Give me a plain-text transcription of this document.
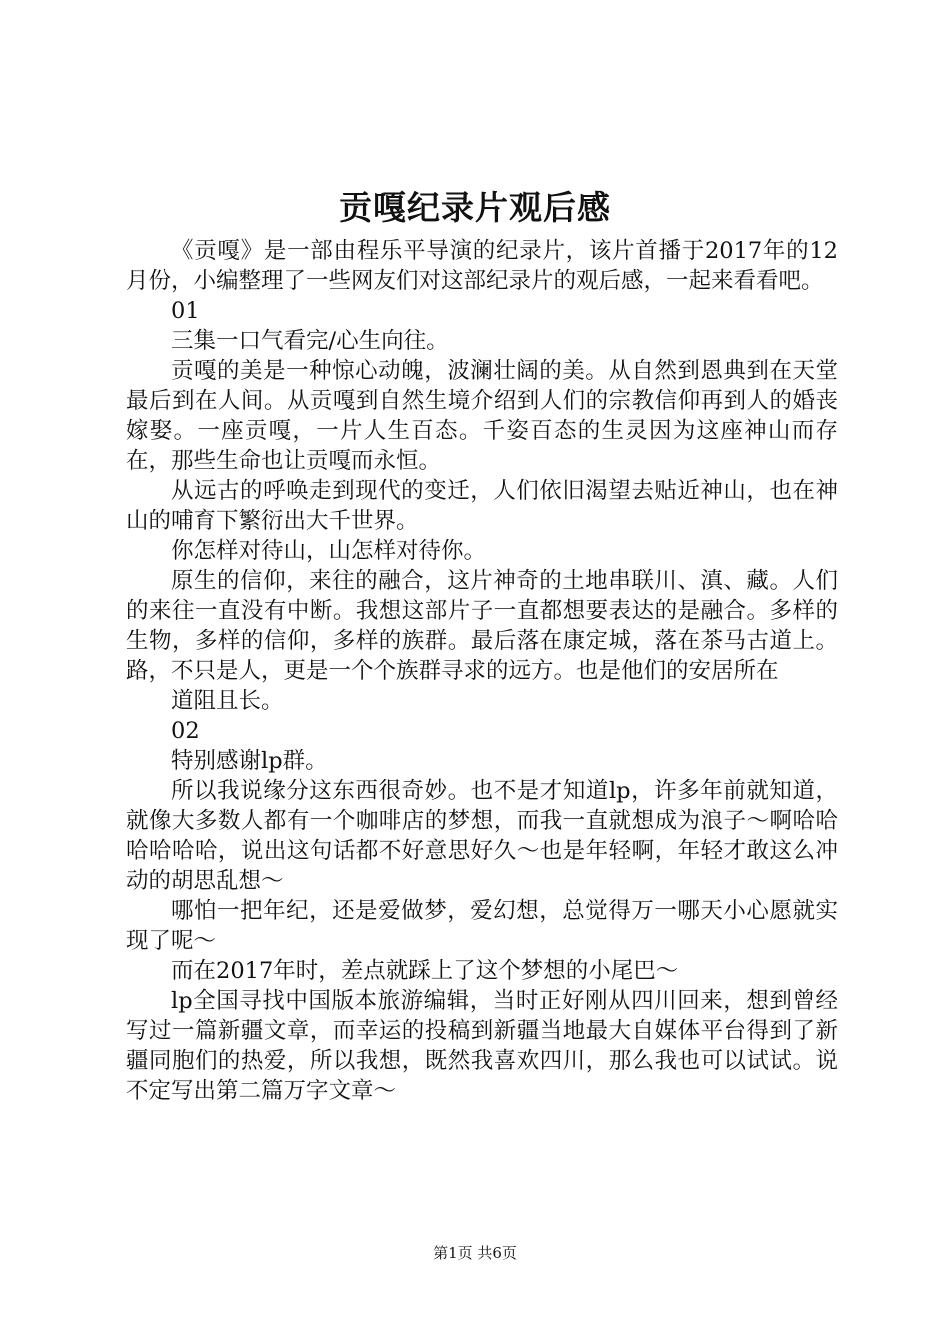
贡嘎纪录片观后感

《贡嘎》是一部由程乐平导演的纪录片，该片首播于2017年的12月份，小编整理了一些网友们对这部纪录片的观后感，一起来看看吧。

01

三集一口气看完/心生向往。

贡嘎的美是一种惊心动魄，波澜壮阔的美。从自然到恩典到在天堂最后到在人间。从贡嘎到自然生境介绍到人们的宗教信仰再到人的婚丧嫁娶。一座贡嘎，一片人生百态。千姿百态的生灵因为这座神山而存在，那些生命也让贡嘎而永恒。

从远古的呼唤走到现代的变迁，人们依旧渴望去贴近神山，也在神山的哺育下繁衍出大千世界。

你怎样对待山，山怎样对待你。

原生的信仰，来往的融合，这片神奇的土地串联川、滇、藏。人们的来往一直没有中断。我想这部片子一直都想要表达的是融合。多样的生物，多样的信仰，多样的族群。最后落在康定城，落在茶马古道上。路，不只是人，更是一个个族群寻求的远方。也是他们的安居所在

道阻且长。

02

特别感谢lp群。

所以我说缘分这东西很奇妙。也不是才知道lp，许多年前就知道，就像大多数人都有一个咖啡店的梦想，而我一直就想成为浪子～啊哈哈哈哈哈哈，说出这句话都不好意思好久～也是年轻啊，年轻才敢这么冲动的胡思乱想～

哪怕一把年纪，还是爱做梦，爱幻想，总觉得万一哪天小心愿就实现了呢～

而在2017年时，差点就踩上了这个梦想的小尾巴～

lp全国寻找中国版本旅游编辑，当时正好刚从四川回来，想到曾经写过一篇新疆文章，而幸运的投稿到新疆当地最大自媒体平台得到了新疆同胞们的热爱，所以我想，既然我喜欢四川，那么我也可以试试。说不定写出第二篇万字文章～

第1页 共6页
